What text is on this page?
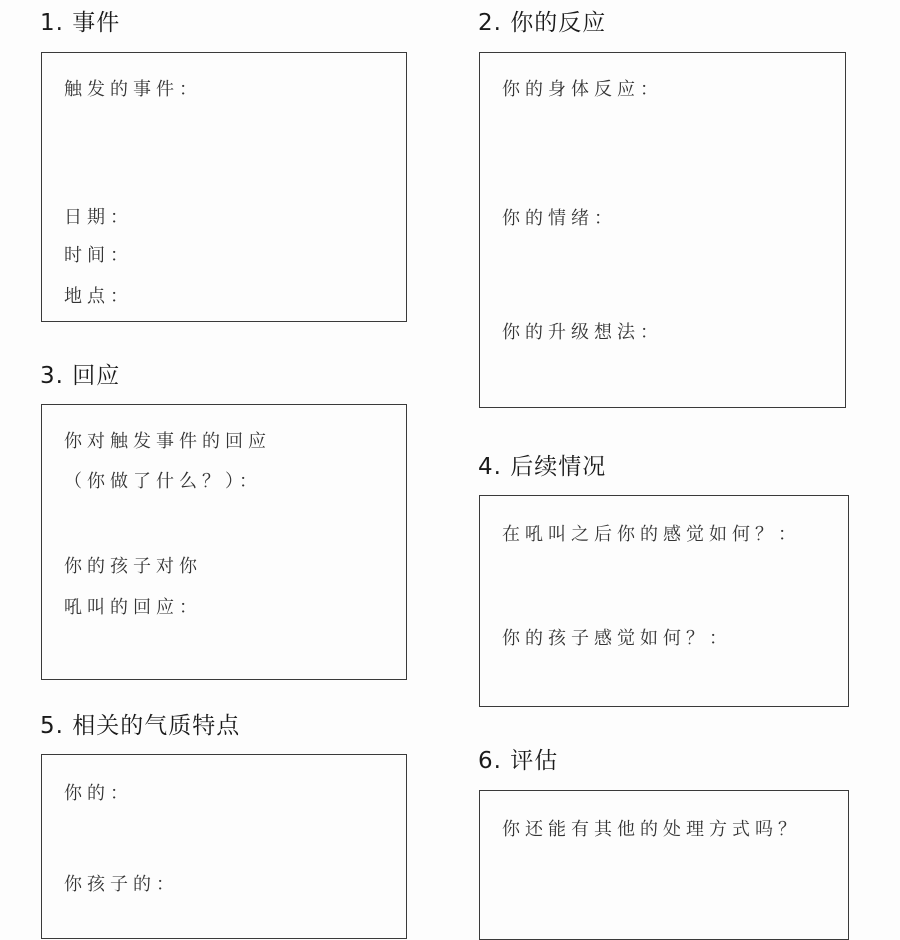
1. 事件
触发的事件：
日期：
时间：
地点：
2. 你的反应
你的身体反应：
你的情绪：
你的升级想法：
3. 回应
你对触发事件的回应
（你做了什么？）：
你的孩子对你
吼叫的回应：
4. 后续情况
在吼叫之后你的感觉如何？：
你的孩子感觉如何？：
5. 相关的气质特点
你的：
你孩子的：
6. 评估
你还能有其他的处理方式吗？
